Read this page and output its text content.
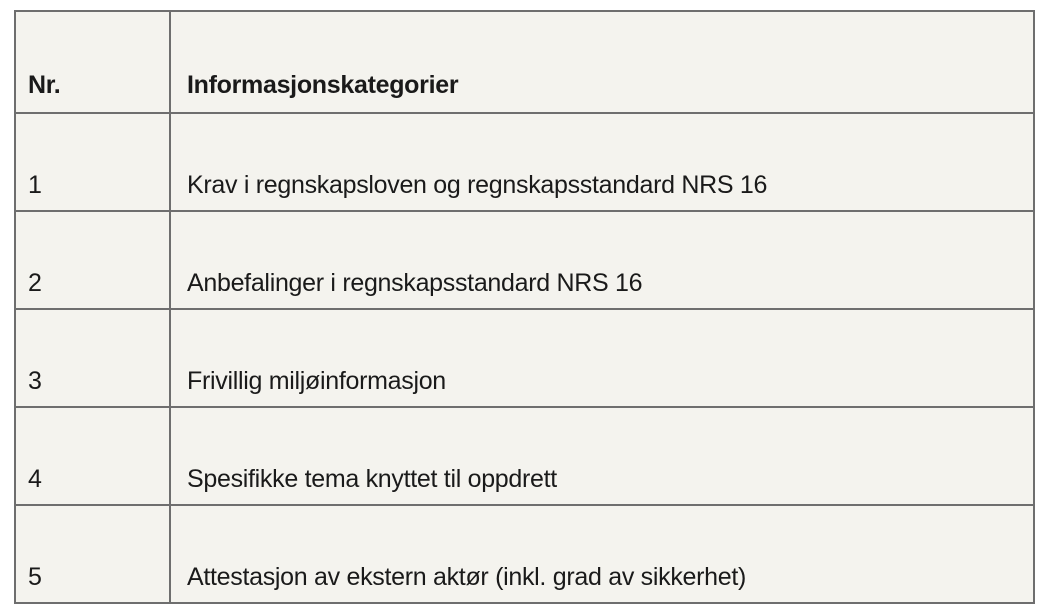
Nr.	Informasjonskategorier
1	Krav i regnskapsloven og regnskapsstandard NRS 16
2	Anbefalinger i regnskapsstandard NRS 16
3	Frivillig miljøinformasjon
4	Spesifikke tema knyttet til oppdrett
5	Attestasjon av ekstern aktør (inkl. grad av sikkerhet)
